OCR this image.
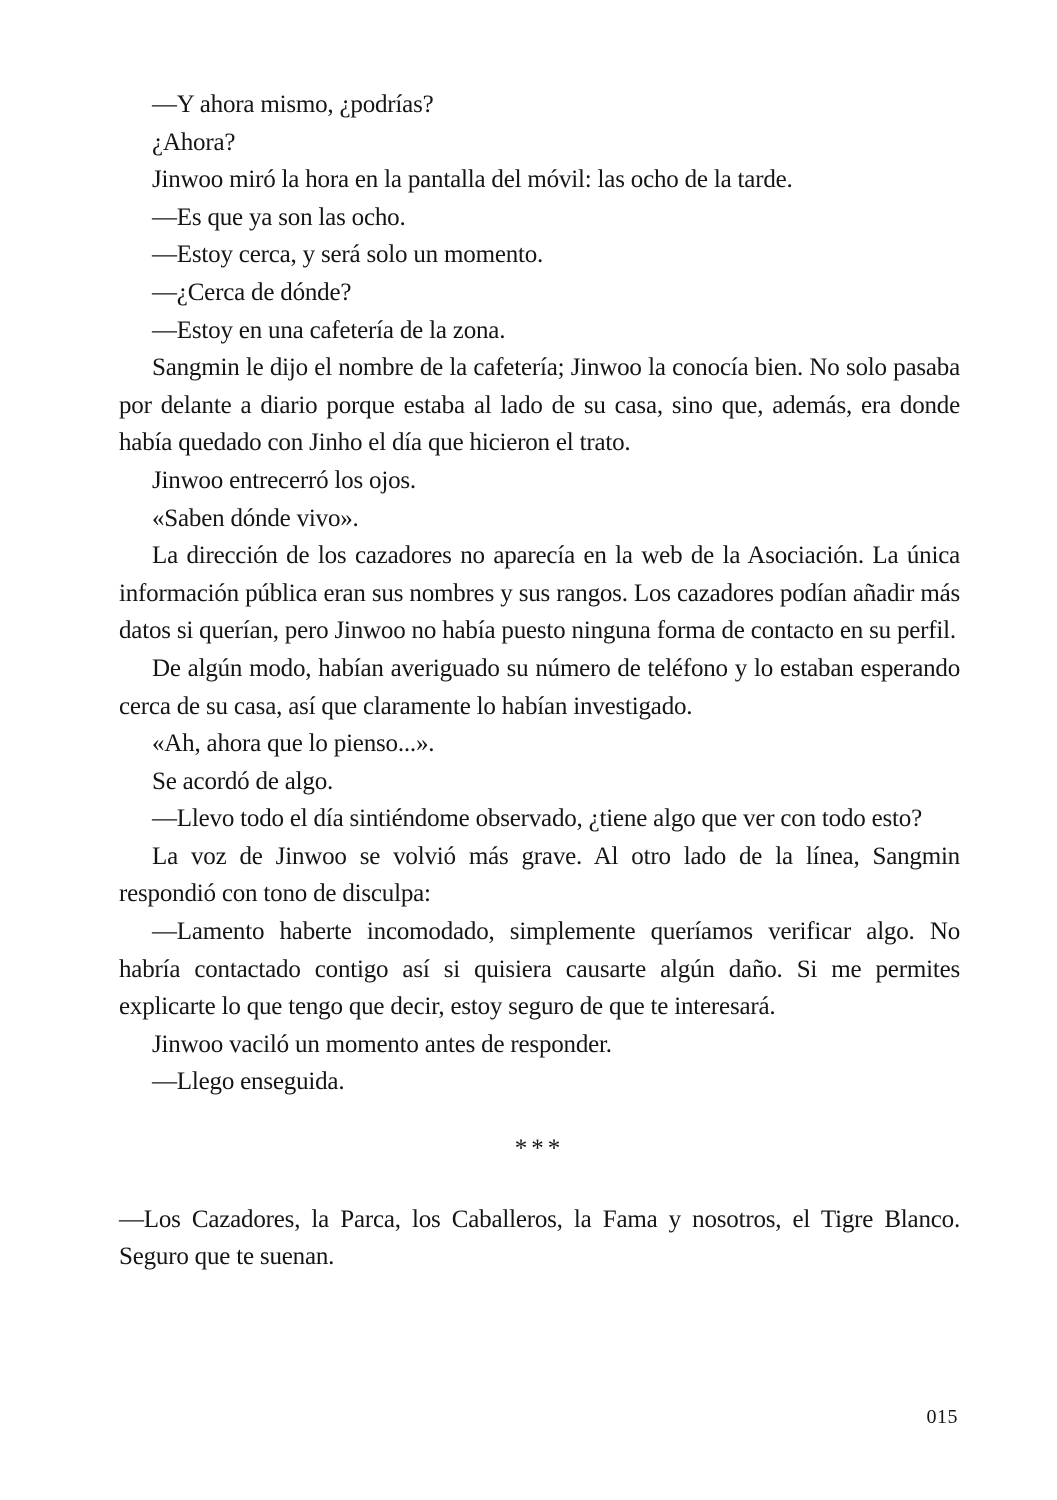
—Y ahora mismo, ¿podrías?

¿Ahora?

Jinwoo miró la hora en la pantalla del móvil: las ocho de la tarde.

—Es que ya son las ocho.

—Estoy cerca, y será solo un momento.

—¿Cerca de dónde?

—Estoy en una cafetería de la zona.

Sangmin le dijo el nombre de la cafetería; Jinwoo la conocía bien. No solo pasaba por delante a diario porque estaba al lado de su casa, sino que, además, era donde había quedado con Jinho el día que hicieron el trato.

Jinwoo entrecerró los ojos.

«Saben dónde vivo».

La dirección de los cazadores no aparecía en la web de la Asociación. La única información pública eran sus nombres y sus rangos. Los cazadores podían añadir más datos si querían, pero Jinwoo no había puesto ninguna forma de contacto en su perfil.

De algún modo, habían averiguado su número de teléfono y lo estaban esperando cerca de su casa, así que claramente lo habían investigado.

«Ah, ahora que lo pienso...».

Se acordó de algo.

—Llevo todo el día sintiéndome observado, ¿tiene algo que ver con todo esto?

La voz de Jinwoo se volvió más grave. Al otro lado de la línea, Sangmin respondió con tono de disculpa:

—Lamento haberte incomodado, simplemente queríamos verificar algo. No habría contactado contigo así si quisiera causarte algún daño. Si me permites explicarte lo que tengo que decir, estoy seguro de que te interesará.

Jinwoo vaciló un momento antes de responder.

—Llego enseguida.

***

—Los Cazadores, la Parca, los Caballeros, la Fama y nosotros, el Tigre Blanco. Seguro que te suenan.

015
